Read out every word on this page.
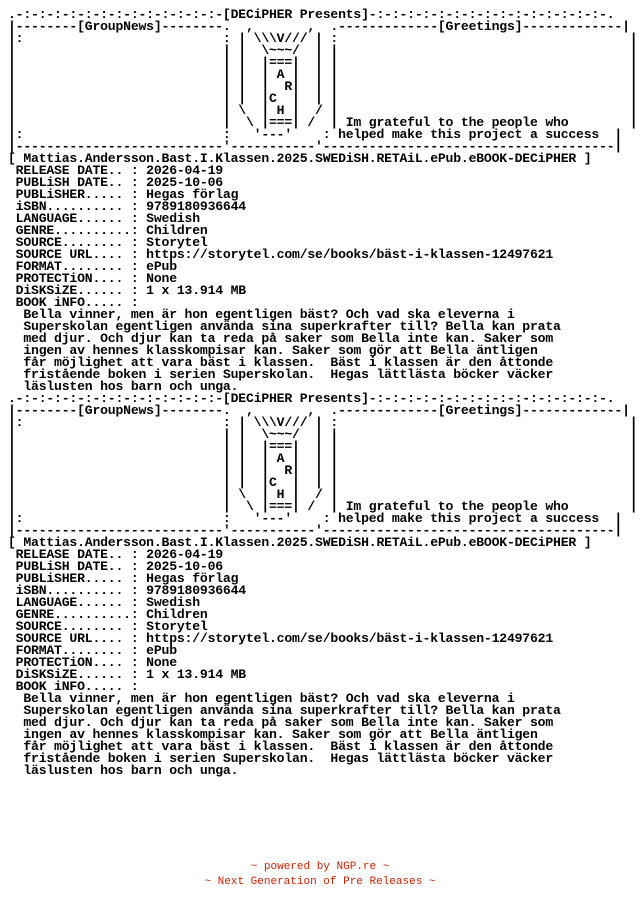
.-:-:-:-:-:-:-:-:-:-:-:-:-:-[DECiPHER Presents]-:-:-:-:-:-:-:-:-:-:-:-:-:-:-:-.
|--------[GroupNews]--------.  ,       ,  .-------------[Greetings]-------------|
|:                          : | \\\V/// | :                                      |
|                           | |  \~~~/  | |                                      |
|                           | |  |===|  | |                                      |
|                           | |  | A |  | |                                      |
|                           | |  |  R|  | |                                      |
|                           | |  |C  |  | |                                      |
|                           | \  | H |  / |                                      |
|                           |  \ |===| /  | Im grateful to the people who        |
|:                          :   '---'    : helped make this project a success  |
|---------------------------'-----------'--------------------------------------|
[ Mattias.Andersson.Bast.I.Klassen.2025.SWEDiSH.RETAiL.ePub.eBOOK-DECiPHER ]
RELEASE DATE.. : 2026-04-19
PUBLiSH DATE.. : 2025-10-06
PUBLiSHER..... : Hegas förlag
iSBN.......... : 9789180936644
LANGUAGE...... : Swedish
GENRE..........: Children
SOURCE........ : Storytel
SOURCE URL.... : https://storytel.com/se/books/bäst-i-klassen-12497621
FORMAT........ : ePub
PROTECTiON.... : None
DiSKSiZE...... : 1 x 13.914 MB
BOOK iNFO..... :
Bella vinner, men är hon egentligen bäst? Och vad ska eleverna i
Superskolan egentligen använda sina superkrafter till? Bella kan prata
med djur. Och djur kan ta reda på saker som Bella inte kan. Saker som
ingen av hennes klasskompisar kan. Saker som gör att Bella äntligen
får möjlighet att vara bäst i klassen.  Bäst i klassen är den åttonde
fristående boken i serien Superskolan.  Hegas lättlästa böcker väcker
läslusten hos barn och unga.
.-:-:-:-:-:-:-:-:-:-:-:-:-:-[DECiPHER Presents]-:-:-:-:-:-:-:-:-:-:-:-:-:-:-:-.
|--------[GroupNews]--------.  ,       ,  .-------------[Greetings]-------------|
|:                          : | \\\V/// | :                                      |
|                           | |  \~~~/  | |                                      |
|                           | |  |===|  | |                                      |
|                           | |  | A |  | |                                      |
|                           | |  |  R|  | |                                      |
|                           | |  |C  |  | |                                      |
|                           | \  | H |  / |                                      |
|                           |  \ |===| /  | Im grateful to the people who        |
|:                          :   '---'    : helped make this project a success  |
|---------------------------'-----------'--------------------------------------|
[ Mattias.Andersson.Bast.I.Klassen.2025.SWEDiSH.RETAiL.ePub.eBOOK-DECiPHER ]
RELEASE DATE.. : 2026-04-19
PUBLiSH DATE.. : 2025-10-06
PUBLiSHER..... : Hegas förlag
iSBN.......... : 9789180936644
LANGUAGE...... : Swedish
GENRE..........: Children
SOURCE........ : Storytel
SOURCE URL.... : https://storytel.com/se/books/bäst-i-klassen-12497621
FORMAT........ : ePub
PROTECTiON.... : None
DiSKSiZE...... : 1 x 13.914 MB
BOOK iNFO..... :
Bella vinner, men är hon egentligen bäst? Och vad ska eleverna i
Superskolan egentligen använda sina superkrafter till? Bella kan prata
med djur. Och djur kan ta reda på saker som Bella inte kan. Saker som
ingen av hennes klasskompisar kan. Saker som gör att Bella äntligen
får möjlighet att vara bäst i klassen.  Bäst i klassen är den åttonde
fristående boken i serien Superskolan.  Hegas lättlästa böcker väcker
läslusten hos barn och unga.
~ powered by NGP.re ~
~ Next Generation of Pre Releases ~
